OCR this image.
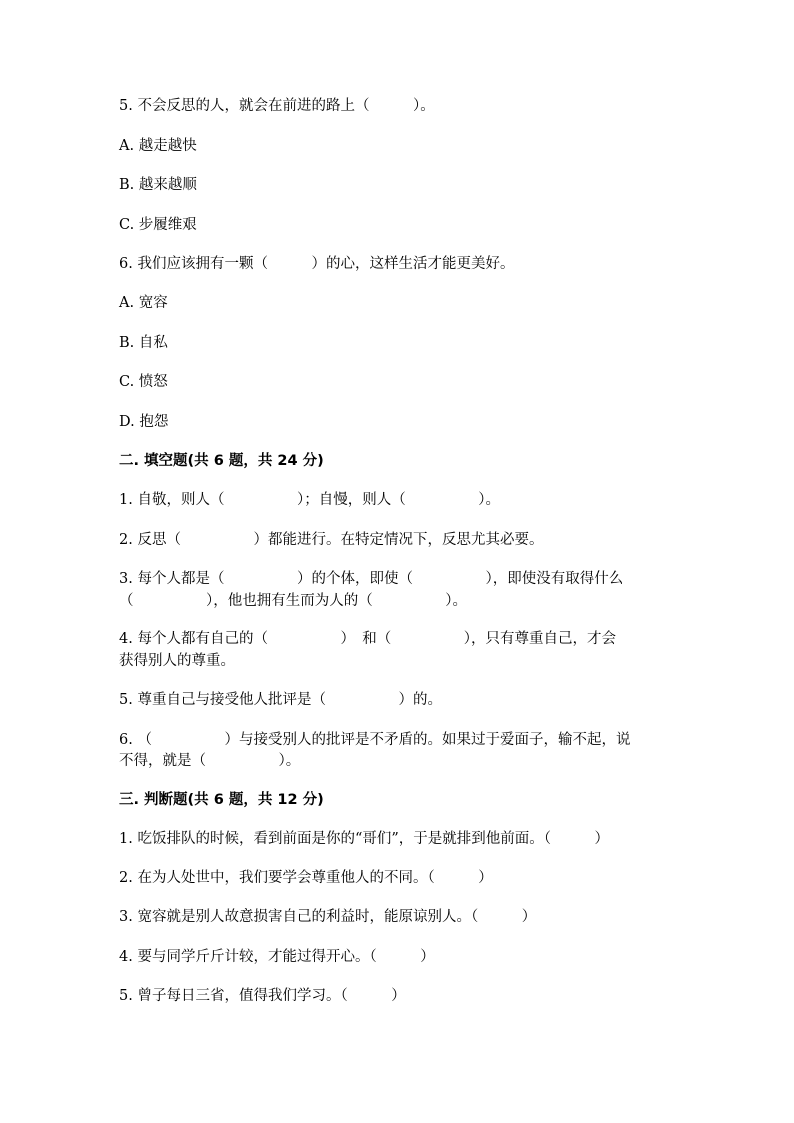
5. 不会反思的人，就会在前进的路上（　　　）。
A. 越走越快
B. 越来越顺
C. 步履维艰
6. 我们应该拥有一颗（　　　）的心，这样生活才能更美好。
A. 宽容
B. 自私
C. 愤怒
D. 抱怨
二. 填空题(共 6 题，共 24 分)
1. 自敬，则人（　　　　　）；自慢，则人（　　　　　）。
2. 反思（　　　　　）都能进行。在特定情况下，反思尤其必要。
3. 每个人都是（　　　　　）的个体，即使（　　　　　），即使没有取得什么
（　　　　　），他也拥有生而为人的（　　　　　）。
4. 每个人都有自己的（　　　　　）　和（　　　　　），只有尊重自己，才会
获得别人的尊重。
5. 尊重自己与接受他人批评是（　　　　　）的。
6. （　　　　　）与接受别人的批评是不矛盾的。如果过于爱面子，输不起，说
不得，就是（　　　　　）。
三. 判断题(共 6 题，共 12 分)
1. 吃饭排队的时候，看到前面是你的“哥们”，于是就排到他前面。（　　　）
2. 在为人处世中，我们要学会尊重他人的不同。（　　　）
3. 宽容就是别人故意损害自己的利益时，能原谅别人。（　　　）
4. 要与同学斤斤计较，才能过得开心。（　　　）
5. 曾子每日三省，值得我们学习。（　　　）
